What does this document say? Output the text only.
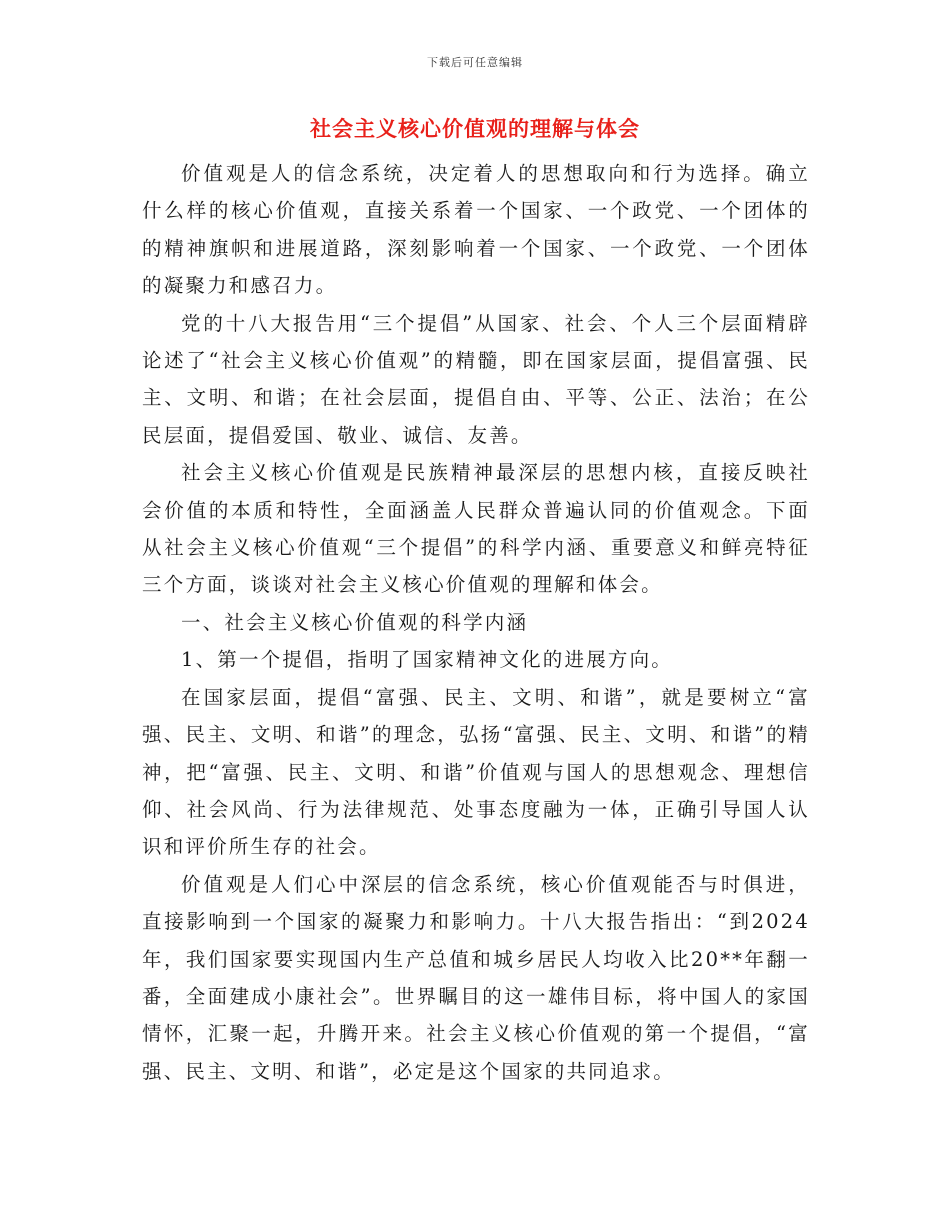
下载后可任意编辑
社会主义核心价值观的理解与体会

价值观是人的信念系统，决定着人的思想取向和行为选择。确立什么样的核心价值观，直接关系着一个国家、一个政党、一个团体的的精神旗帜和进展道路，深刻影响着一个国家、一个政党、一个团体的凝聚力和感召力。

党的十八大报告用“三个提倡”从国家、社会、个人三个层面精辟论述了“社会主义核心价值观”的精髓，即在国家层面，提倡富强、民主、文明、和谐；在社会层面，提倡自由、平等、公正、法治；在公民层面，提倡爱国、敬业、诚信、友善。

社会主义核心价值观是民族精神最深层的思想内核，直接反映社会价值的本质和特性，全面涵盖人民群众普遍认同的价值观念。下面从社会主义核心价值观“三个提倡”的科学内涵、重要意义和鲜亮特征三个方面，谈谈对社会主义核心价值观的理解和体会。

一、社会主义核心价值观的科学内涵

1、第一个提倡，指明了国家精神文化的进展方向。

在国家层面，提倡“富强、民主、文明、和谐”，就是要树立“富强、民主、文明、和谐”的理念，弘扬“富强、民主、文明、和谐”的精神，把“富强、民主、文明、和谐”价值观与国人的思想观念、理想信仰、社会风尚、行为法律规范、处事态度融为一体，正确引导国人认识和评价所生存的社会。

价值观是人们心中深层的信念系统，核心价值观能否与时俱进，直接影响到一个国家的凝聚力和影响力。十八大报告指出：“到2024年，我们国家要实现国内生产总值和城乡居民人均收入比20**年翻一番，全面建成小康社会”。世界瞩目的这一雄伟目标，将中国人的家国情怀，汇聚一起，升腾开来。社会主义核心价值观的第一个提倡，“富强、民主、文明、和谐”，必定是这个国家的共同追求。
